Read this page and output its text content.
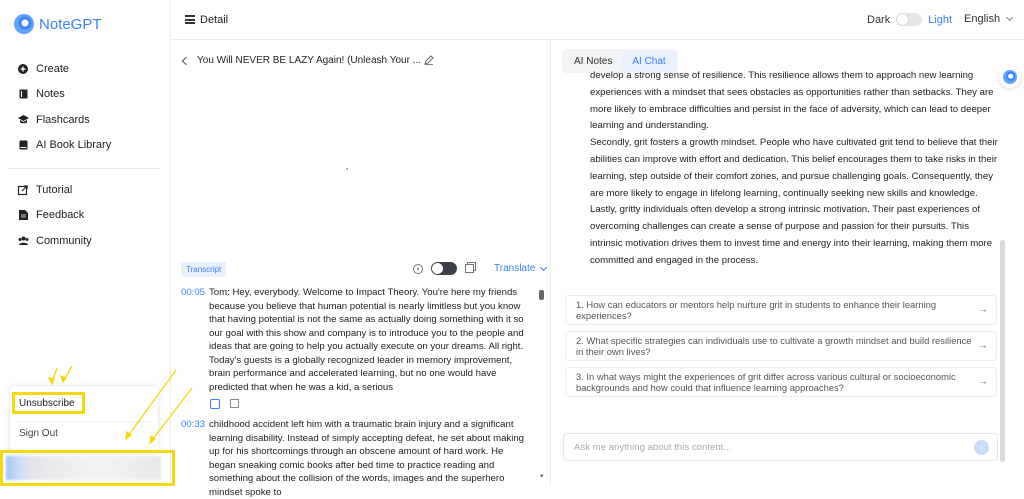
NoteGPT
Create
Notes
Flashcards
AI Book Library
Tutorial
Feedback
Community
Unsubscribe
Sign Out
Detail	Dark	Light English
You Will NEVER BE LAZY Again! (Unleash Your ...
Transcript	Translate
00:05 Tom: Hey, everybody. Welcome to Impact Theory. You're here my friends because you believe that human potential is nearly limitless but you know that having potential is not the same as actually doing something with it so our goal with this show and company is to introduce you to the people and ideas that are going to help you actually execute on your dreams. All right. Today's guests is a globally recognized leader in memory improvement, brain performance and accelerated learning, but no one would have predicted that when he was a kid, a serious
00:33 childhood accident left him with a traumatic brain injury and a significant learning disability. Instead of simply accepting defeat, he set about making up for his shortcomings through an obscene amount of hard work. He began sneaking comic books after bed time to practice reading and something about the collision of the words, images and the superhero mindset spoke to
▾
AI Notes	AI Chat

develop a strong sense of resilience. This resilience allows them to approach new learning experiences with a mindset that sees obstacles as opportunities rather than setbacks. They are more likely to embrace difficulties and persist in the face of adversity, which can lead to deeper learning and understanding.

Secondly, grit fosters a growth mindset. People who have cultivated grit tend to believe that their abilities can improve with effort and dedication. This belief encourages them to take risks in their learning, step outside of their comfort zones, and pursue challenging goals. Consequently, they are more likely to engage in lifelong learning, continually seeking new skills and knowledge.

Lastly, gritty individuals often develop a strong intrinsic motivation. Their past experiences of overcoming challenges can create a sense of purpose and passion for their pursuits. This intrinsic motivation drives them to invest time and energy into their learning, making them more committed and engaged in the process.

1. How can educators or mentors help nurture grit in students to enhance their learning experiences?	→
2. What specific strategies can individuals use to cultivate a growth mindset and build resilience in their own lives?	→
3. In what ways might the experiences of grit differ across various cultural or socioeconomic backgrounds and how could that influence learning approaches?	→
Ask me anything about this content...	↑
